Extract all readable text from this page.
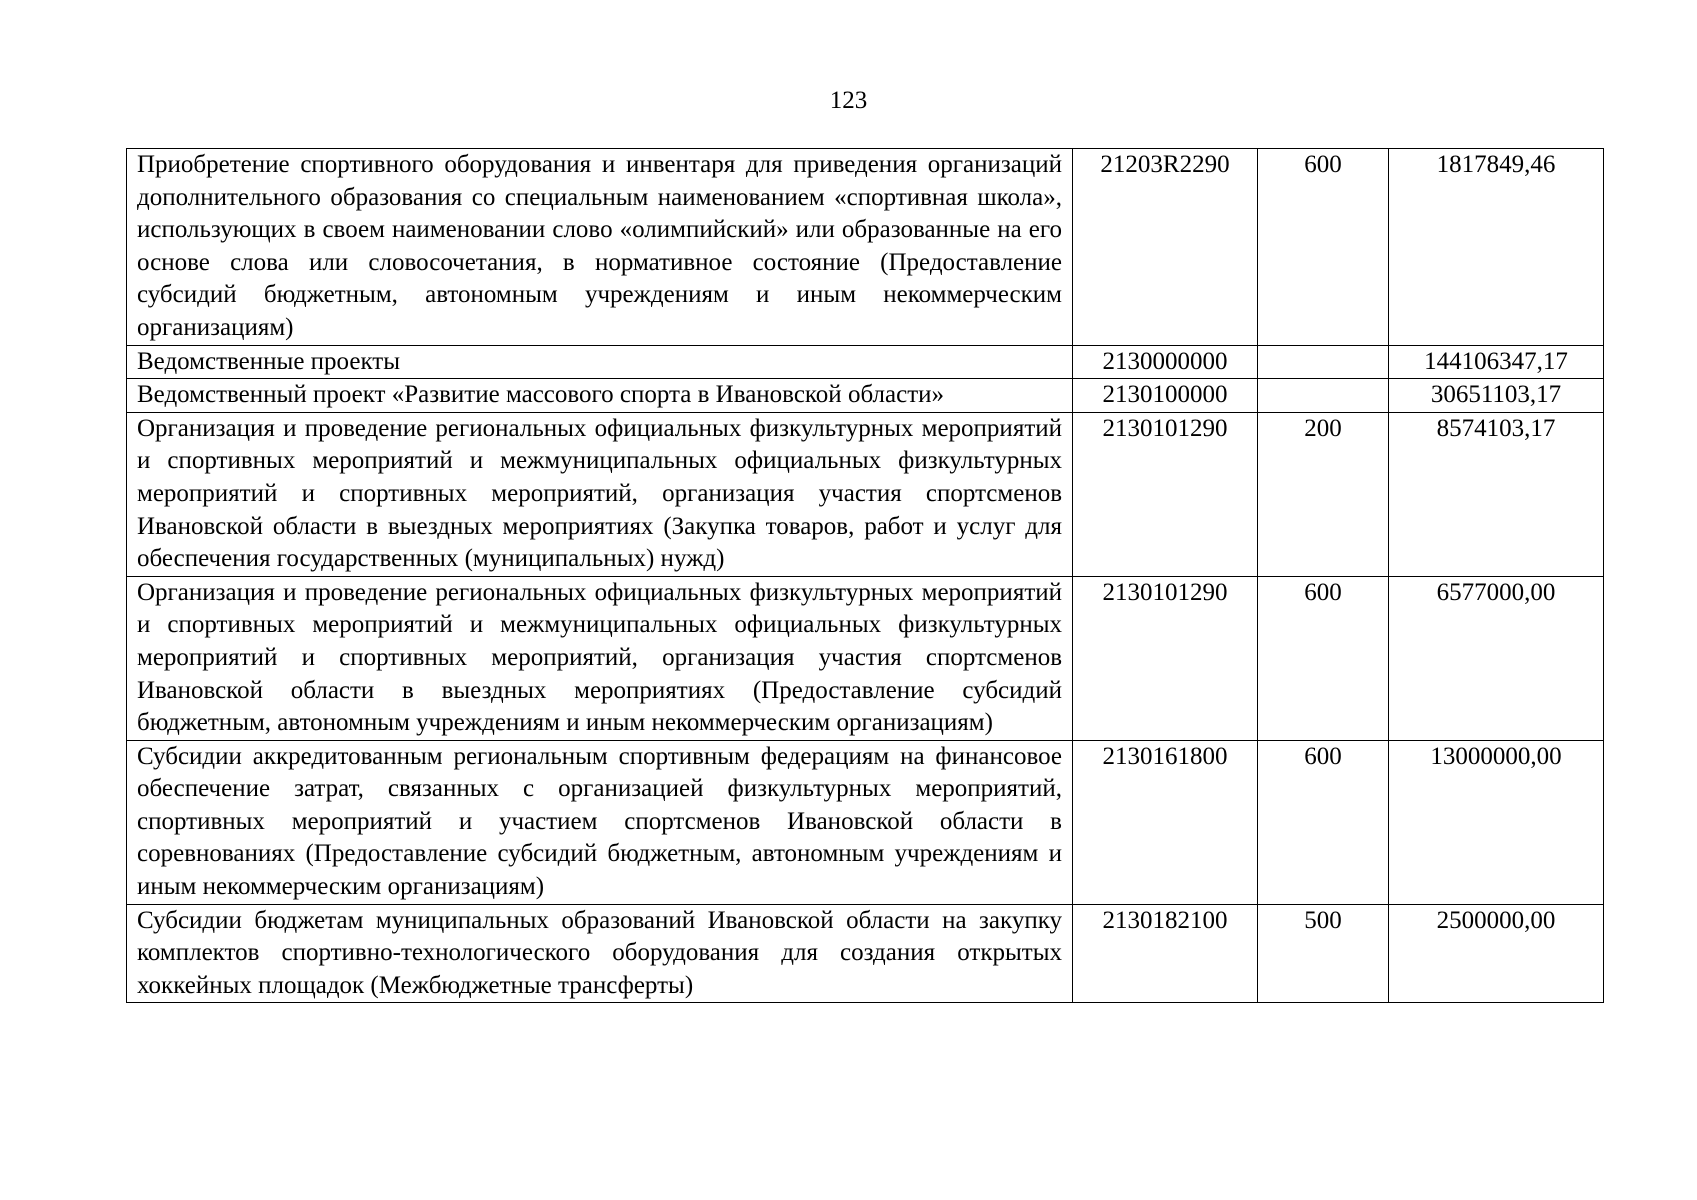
123
Приобретение спортивного оборудования и инвентаря для приведения организаций дополнительного образования со специальным наименованием «спортивная школа», использующих в своем наименовании слово «олимпийский» или образованные на его основе слова или словосочетания, в нормативное состояние (Предоставление субсидий бюджетным, автономным учреждениям и иным некоммерческим организациям)	21203R2290	600	1817849,46
Ведомственные проекты	2130000000		144106347,17
Ведомственный проект «Развитие массового спорта в Ивановской области»	2130100000		30651103,17
Организация и проведение региональных официальных физкультурных мероприятий и спортивных мероприятий и межмуниципальных официальных физкультурных мероприятий и спортивных мероприятий, организация участия спортсменов Ивановской области в выездных мероприятиях (Закупка товаров, работ и услуг для обеспечения государственных (муниципальных) нужд)	2130101290	200	8574103,17
Организация и проведение региональных официальных физкультурных мероприятий и спортивных мероприятий и межмуниципальных официальных физкультурных мероприятий и спортивных мероприятий, организация участия спортсменов Ивановской области в выездных мероприятиях (Предоставление субсидий бюджетным, автономным учреждениям и иным некоммерческим организациям)	2130101290	600	6577000,00
Субсидии аккредитованным региональным спортивным федерациям на финансовое обеспечение затрат, связанных с организацией физкультурных мероприятий, спортивных мероприятий и участием спортсменов Ивановской области в соревнованиях (Предоставление субсидий бюджетным, автономным учреждениям и иным некоммерческим организациям)	2130161800	600	13000000,00
Субсидии бюджетам муниципальных образований Ивановской области на закупку комплектов спортивно-технологического оборудования для создания открытых хоккейных площадок (Межбюджетные трансферты)	2130182100	500	2500000,00
